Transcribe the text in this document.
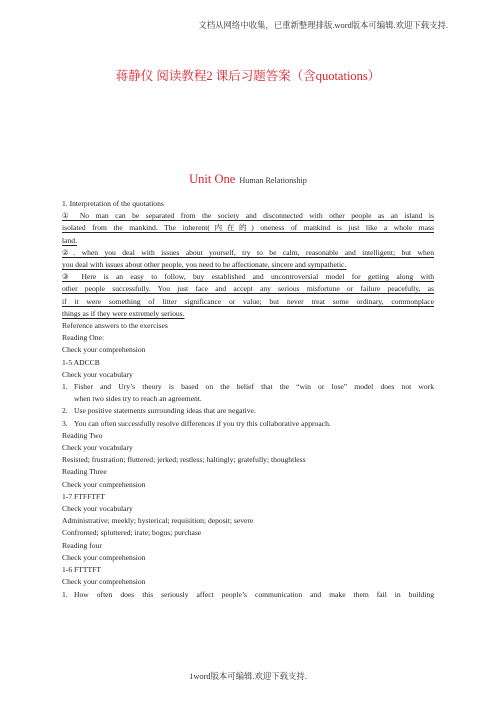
文档从网络中收集，已重新整理排版.word版本可编辑.欢迎下载支持.
蒋静仪 阅读教程2 课后习题答案（含quotations）
Unit One Human Relationship
1. Interpretation of the quotations
① No man can be separated from the society and disconnected with other people as an island is
isolated from the mankind. The inherent(内在的) oneness of mankind is just like a whole mass
land.
②. when you deal with issues about yourself, try to be calm, reasonable and intelligent; but when
you deal with issues about other people, you need to be affectionate, sincere and sympathetic.
③ Here is an easy to follow, buy established and uncontroversial model for getting along with
other people successfully. You just face and accept any serious misfortune or failure peacefully, as
if it were something of litter significance or value; but never treat some ordinary, commonplace
things as if they were extremely serious.
Reference answers to the exercises
Reading One:
Check your comprehension
1-5 ADCCB
Check your vocabulary
1. Fisher and Ury’s theory is based on the belief that the “win or lose” model does not work
when two sides try to reach an agreement.
2. Use positive statements surrounding ideas that are negative.
3. You can often successfully resolve differences if you try this collaborative approach.
Reading Two
Check your vocabulary
Resisted; frustration; fluttered; jerked; restless; haltingly; gratefully; thoughtless
Reading Three
Check your comprehension
1-7 FTFFTFT
Check your vocabulary
Administrative; meekly; hysterical; requisition; deposit; severe
Confronted; spluttered; irate; bogus; purchase
Reading four
Check your comprehension
1-6 FTTTFT
Check your comprehension
1. How often does this seriously affect people’s communication and make them fail in building
1word版本可编辑.欢迎下载支持.
